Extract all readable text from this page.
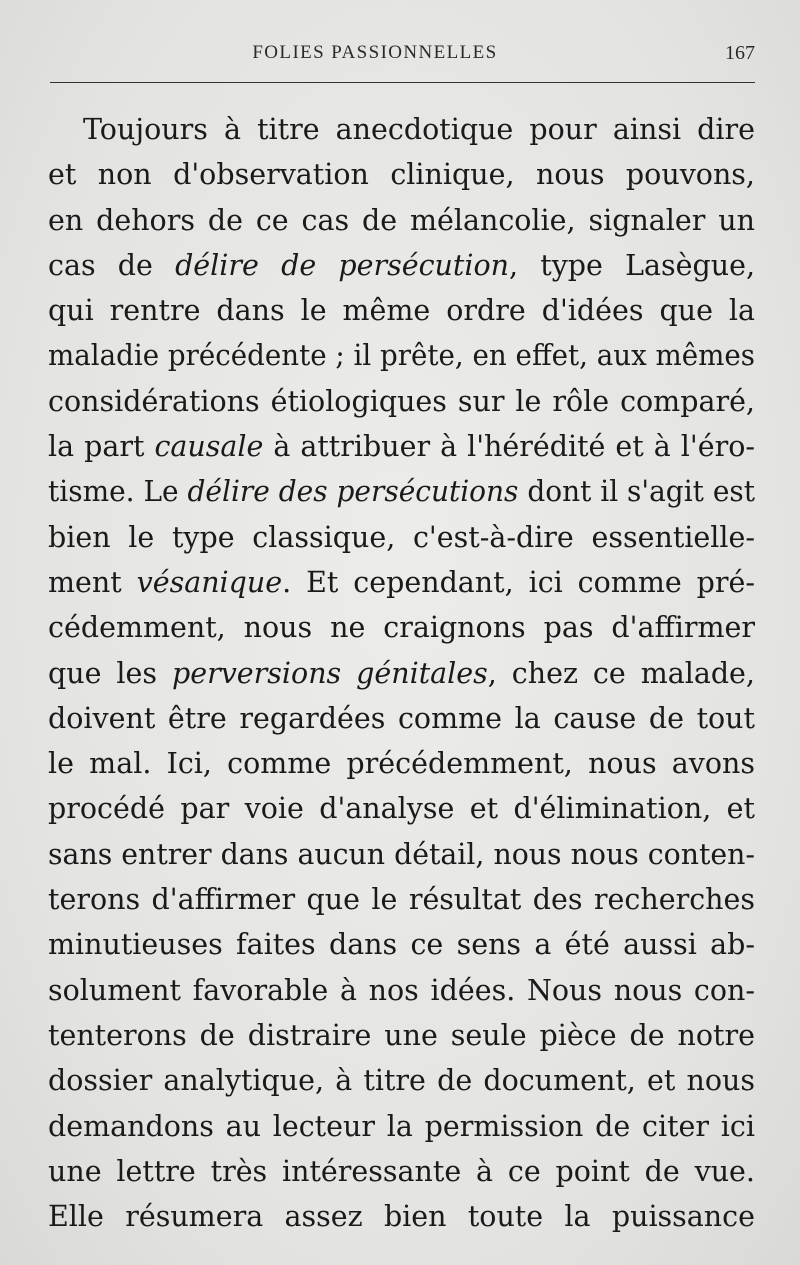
FOLIES PASSIONNELLES	167
Toujours à titre anecdotique pour ainsi dire
et non d'observation clinique, nous pouvons,
en dehors de ce cas de mélancolie, signaler un
cas de délire de persécution, type Lasègue,
qui rentre dans le même ordre d'idées que la
maladie précédente ; il prête, en effet, aux mêmes
considérations étiologiques sur le rôle comparé,
la part causale à attribuer à l'hérédité et à l'éro-
tisme. Le délire des persécutions dont il s'agit est
bien le type classique, c'est-à-dire essentielle-
ment vésanique. Et cependant, ici comme pré-
cédemment, nous ne craignons pas d'affirmer
que les perversions génitales, chez ce malade,
doivent être regardées comme la cause de tout
le mal. Ici, comme précédemment, nous avons
procédé par voie d'analyse et d'élimination, et
sans entrer dans aucun détail, nous nous conten-
terons d'affirmer que le résultat des recherches
minutieuses faites dans ce sens a été aussi ab-
solument favorable à nos idées. Nous nous con-
tenterons de distraire une seule pièce de notre
dossier analytique, à titre de document, et nous
demandons au lecteur la permission de citer ici
une lettre très intéressante à ce point de vue.
Elle résumera assez bien toute la puissance
